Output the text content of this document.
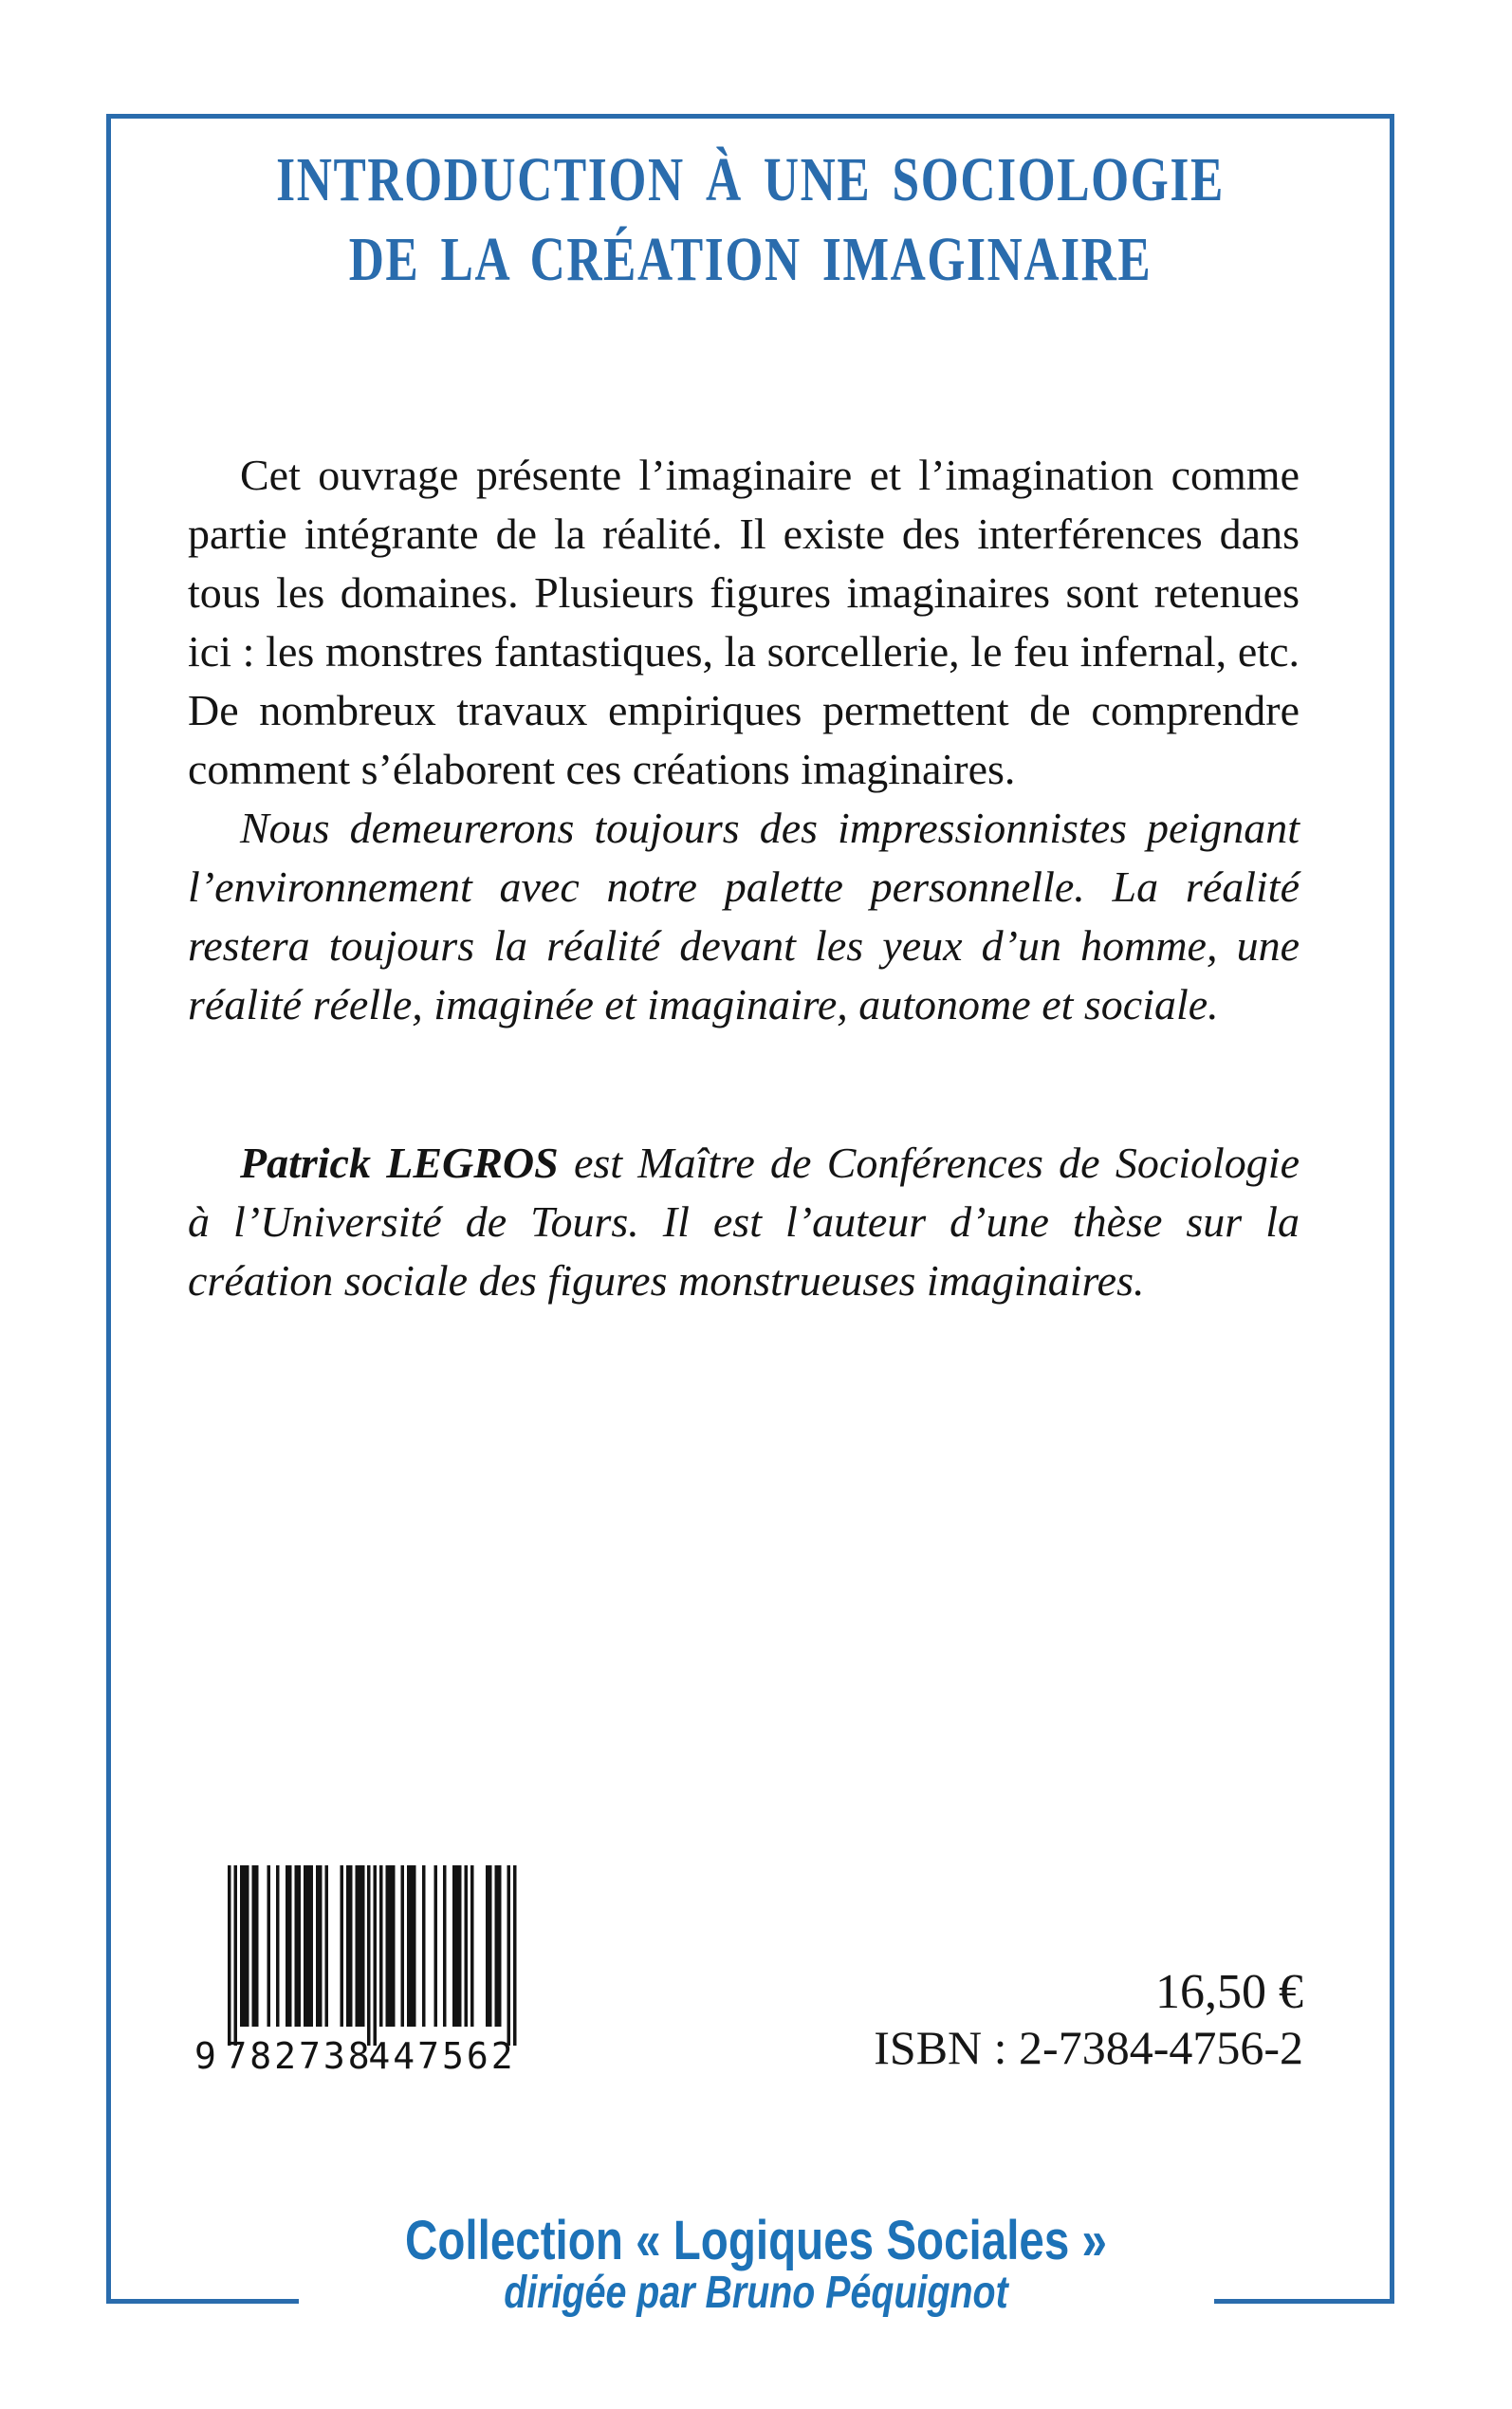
INTRODUCTION À UNE SOCIOLOGIE
DE LA CRÉATION IMAGINAIRE

Cet ouvrage présente l’imaginaire et l’imagination comme partie intégrante de la réalité. Il existe des interférences dans tous les domaines. Plusieurs figures imaginaires sont retenues ici : les monstres fantastiques, la sorcellerie, le feu infernal, etc. De nombreux travaux empiriques permettent de comprendre comment s’élaborent ces créations imaginaires.

Nous demeurerons toujours des impressionnistes peignant l’environnement avec notre palette personnelle. La réalité restera toujours la réalité devant les yeux d’un homme, une réalité réelle, imaginée et imaginaire, autonome et sociale.

Patrick LEGROS est Maître de Conférences de Sociologie à l’Université de Tours. Il est l’auteur d’une thèse sur la création sociale des figures monstrueuses imaginaires.

9 782738
447562
16,50 €
ISBN : 2-7384-4756-2
Collection « Logiques Sociales »
dirigée par Bruno Péquignot
